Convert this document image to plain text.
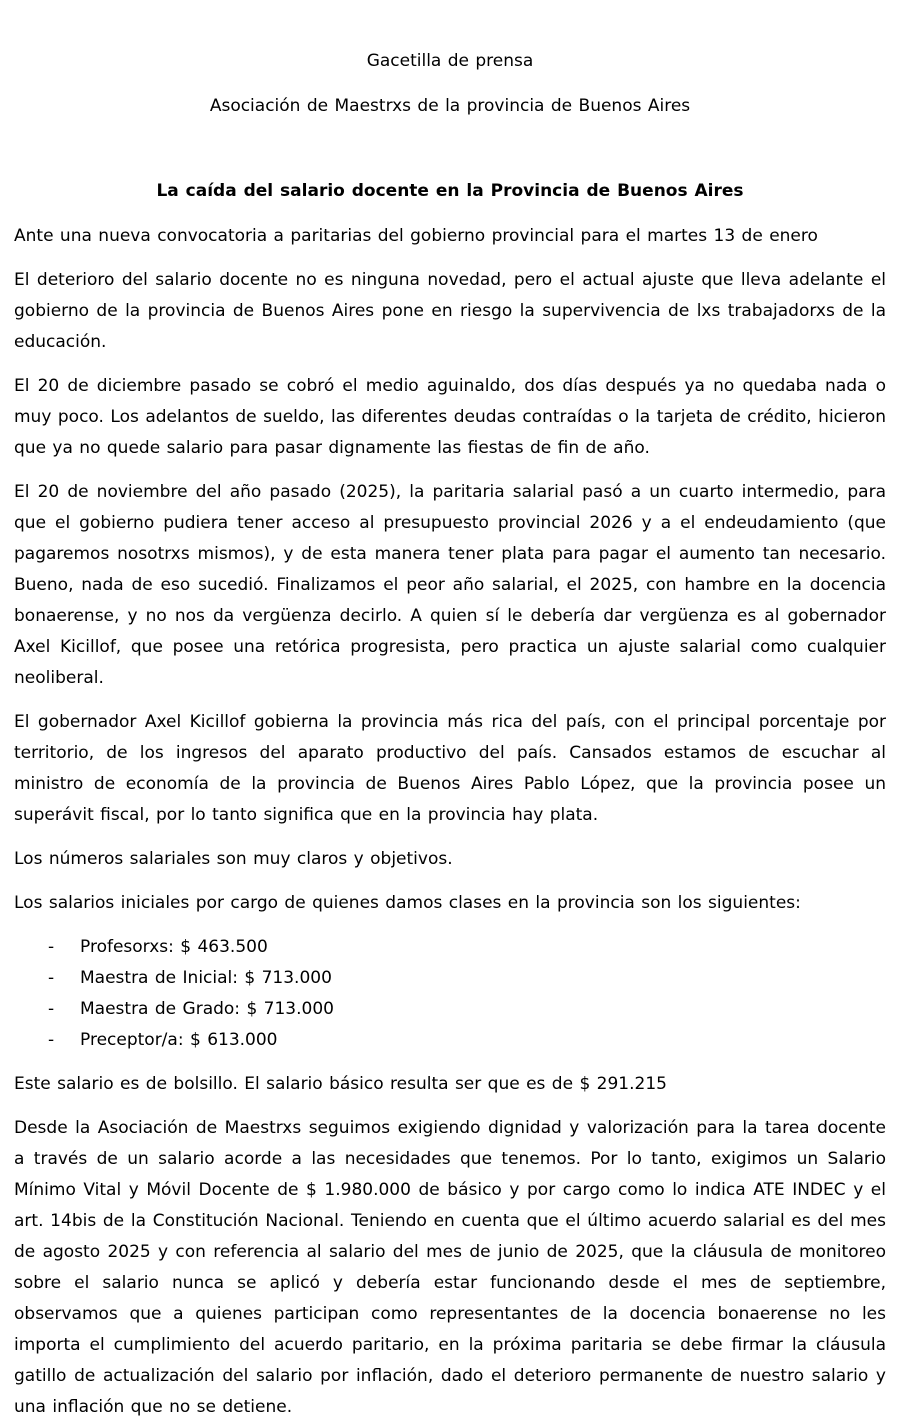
Gacetilla de prensa

Asociación de Maestrxs de la provincia de Buenos Aires

La caída del salario docente en la Provincia de Buenos Aires

Ante una nueva convocatoria a paritarias del gobierno provincial para el martes 13 de enero

El deterioro del salario docente no es ninguna novedad, pero el actual ajuste que lleva adelante el gobierno de la provincia de Buenos Aires pone en riesgo la supervivencia de lxs trabajadorxs de la educación.

El 20 de diciembre pasado se cobró el medio aguinaldo, dos días después ya no quedaba nada o muy poco. Los adelantos de sueldo, las diferentes deudas contraídas o la tarjeta de crédito, hicieron que ya no quede salario para pasar dignamente las fiestas de fin de año.

El 20 de noviembre del año pasado (2025), la paritaria salarial pasó a un cuarto intermedio, para que el gobierno pudiera tener acceso al presupuesto provincial 2026 y a el endeudamiento (que pagaremos nosotrxs mismos), y de esta manera tener plata para pagar el aumento tan necesario. Bueno, nada de eso sucedió. Finalizamos el peor año salarial, el 2025, con hambre en la docencia bonaerense, y no nos da vergüenza decirlo. A quien sí le debería dar vergüenza es al gobernador Axel Kicillof, que posee una retórica progresista, pero practica un ajuste salarial como cualquier neoliberal.

El gobernador Axel Kicillof gobierna la provincia más rica del país, con el principal porcentaje por territorio, de los ingresos del aparato productivo del país. Cansados estamos de escuchar al ministro de economía de la provincia de Buenos Aires Pablo López, que la provincia posee un superávit fiscal, por lo tanto significa que en la provincia hay plata.

Los números salariales son muy claros y objetivos.

Los salarios iniciales por cargo de quienes damos clases en la provincia son los siguientes:

- Profesorxs: $ 463.500
- Maestra de Inicial: $ 713.000
- Maestra de Grado: $ 713.000
- Preceptor/a: $ 613.000

Este salario es de bolsillo. El salario básico resulta ser que es de $ 291.215

Desde la Asociación de Maestrxs seguimos exigiendo dignidad y valorización para la tarea docente a través de un salario acorde a las necesidades que tenemos. Por lo tanto, exigimos un Salario Mínimo Vital y Móvil Docente de $ 1.980.000 de básico y por cargo como lo indica ATE INDEC y el art. 14bis de la Constitución Nacional. Teniendo en cuenta que el último acuerdo salarial es del mes de agosto 2025 y con referencia al salario del mes de junio de 2025, que la cláusula de monitoreo sobre el salario nunca se aplicó y debería estar funcionando desde el mes de septiembre, observamos que a quienes participan como representantes de la docencia bonaerense no les importa el cumplimiento del acuerdo paritario, en la próxima paritaria se debe firmar la cláusula gatillo de actualización del salario por inflación, dado el deterioro permanente de nuestro salario y una inflación que no se detiene.
